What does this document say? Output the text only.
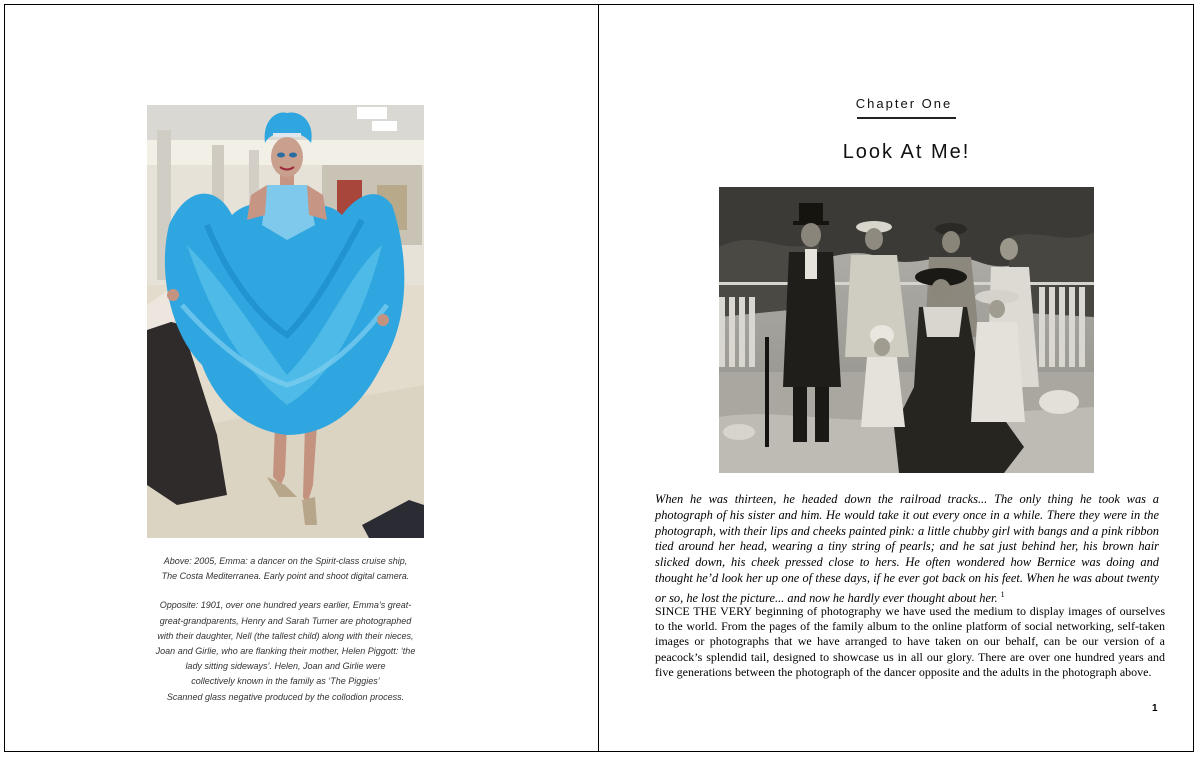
Above: 2005, Emma: a dancer on the Spirit-class cruise ship,

The Costa Mediterranea. Early point and shoot digital camera.

Opposite: 1901, over one hundred years earlier, Emma’s great-

great-grandparents, Henry and Sarah Turner are photographed

with their daughter, Nell (the tallest child) along with their nieces,

Joan and Girlie, who are flanking their mother, Helen Piggott: ‘the

lady sitting sideways’. Helen, Joan and Girlie were

collectively known in the family as ‘The Piggies’

Scanned glass negative produced by the collodion process.

Chapter One
Look At Me!

When he was thirteen, he headed down the railroad tracks... The only thing he took was a photograph of his sister and him. He would take it out every once in a while. There they were in the photograph, with their lips and cheeks painted pink: a little chubby girl with bangs and a pink ribbon tied around her head, wearing a tiny string of pearls; and he sat just behind her, his brown hair slicked down, his cheek pressed close to hers. He often wondered how Bernice was doing and thought he’d look her up one of these days, if he ever got back on his feet. When he was about twenty or so, he lost the picture... and now he hardly ever thought about her. $^1$

SINCE THE VERY beginning of photography we have used the medium to display images of ourselves to the world. From the pages of the family album to the online platform of social networking, self-taken images or photographs that we have arranged to have taken on our behalf, can be our version of a peacock’s splendid tail, designed to showcase us in all our glory. There are over one hundred years and five generations between the photograph of the dancer opposite and the adults in the photograph above.

1
